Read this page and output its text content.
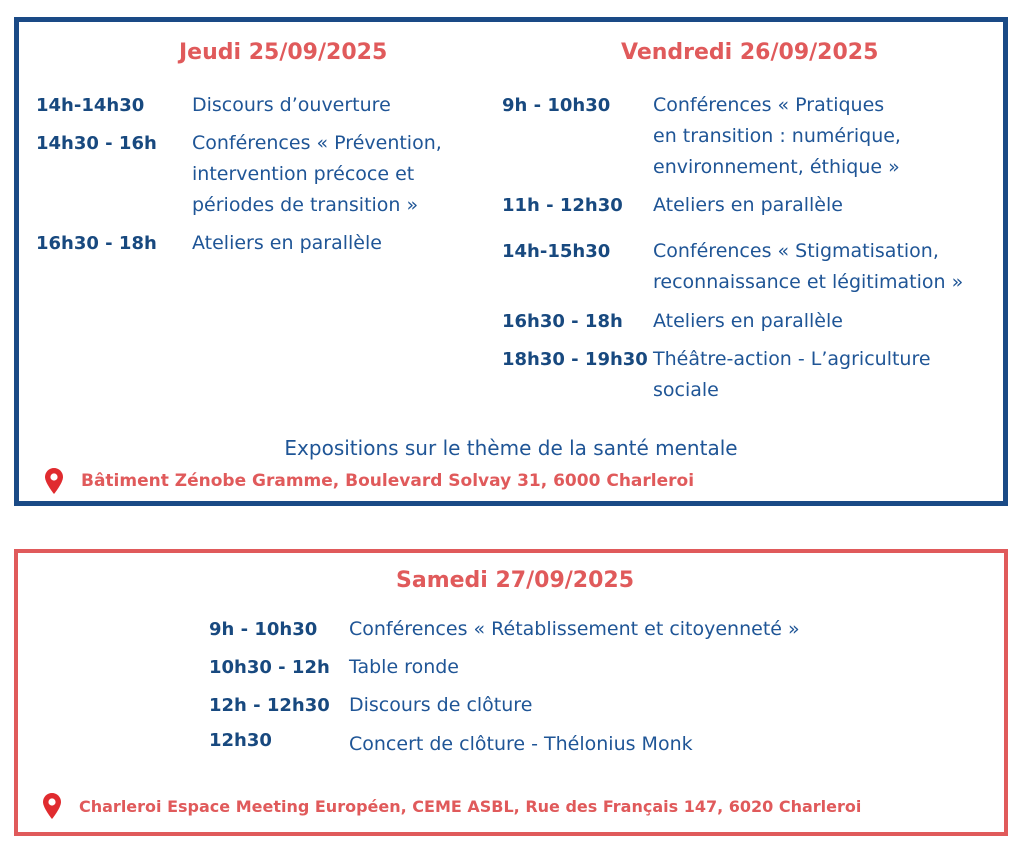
Jeudi 25/09/2025	Vendredi 26/09/2025
14h-14h30	Discours d’ouverture
14h30 - 16h Conférences « Prévention, intervention précoce et périodes de transition »
16h30 - 18h Ateliers en parallèle
9h - 10h30 Conférences « Pratiques en transition : numérique, environnement, éthique »
11h - 12h30 Ateliers en parallèle
14h-15h30 Conférences « Stigmatisation, reconnaissance et légitimation »
16h30 - 18h Ateliers en parallèle
18h30 - 19h30 Théâtre-action - L’agriculture sociale
Expositions sur le thème de la santé mentale
Bâtiment Zénobe Gramme, Boulevard Solvay 31, 6000 Charleroi
Samedi 27/09/2025
9h - 10h30 Conférences « Rétablissement et citoyenneté »
10h30 - 12h Table ronde
12h - 12h30 Discours de clôture
12h30	Concert de clôture - Thélonius Monk
Charleroi Espace Meeting Européen, CEME ASBL, Rue des Français 147, 6020 Charleroi
